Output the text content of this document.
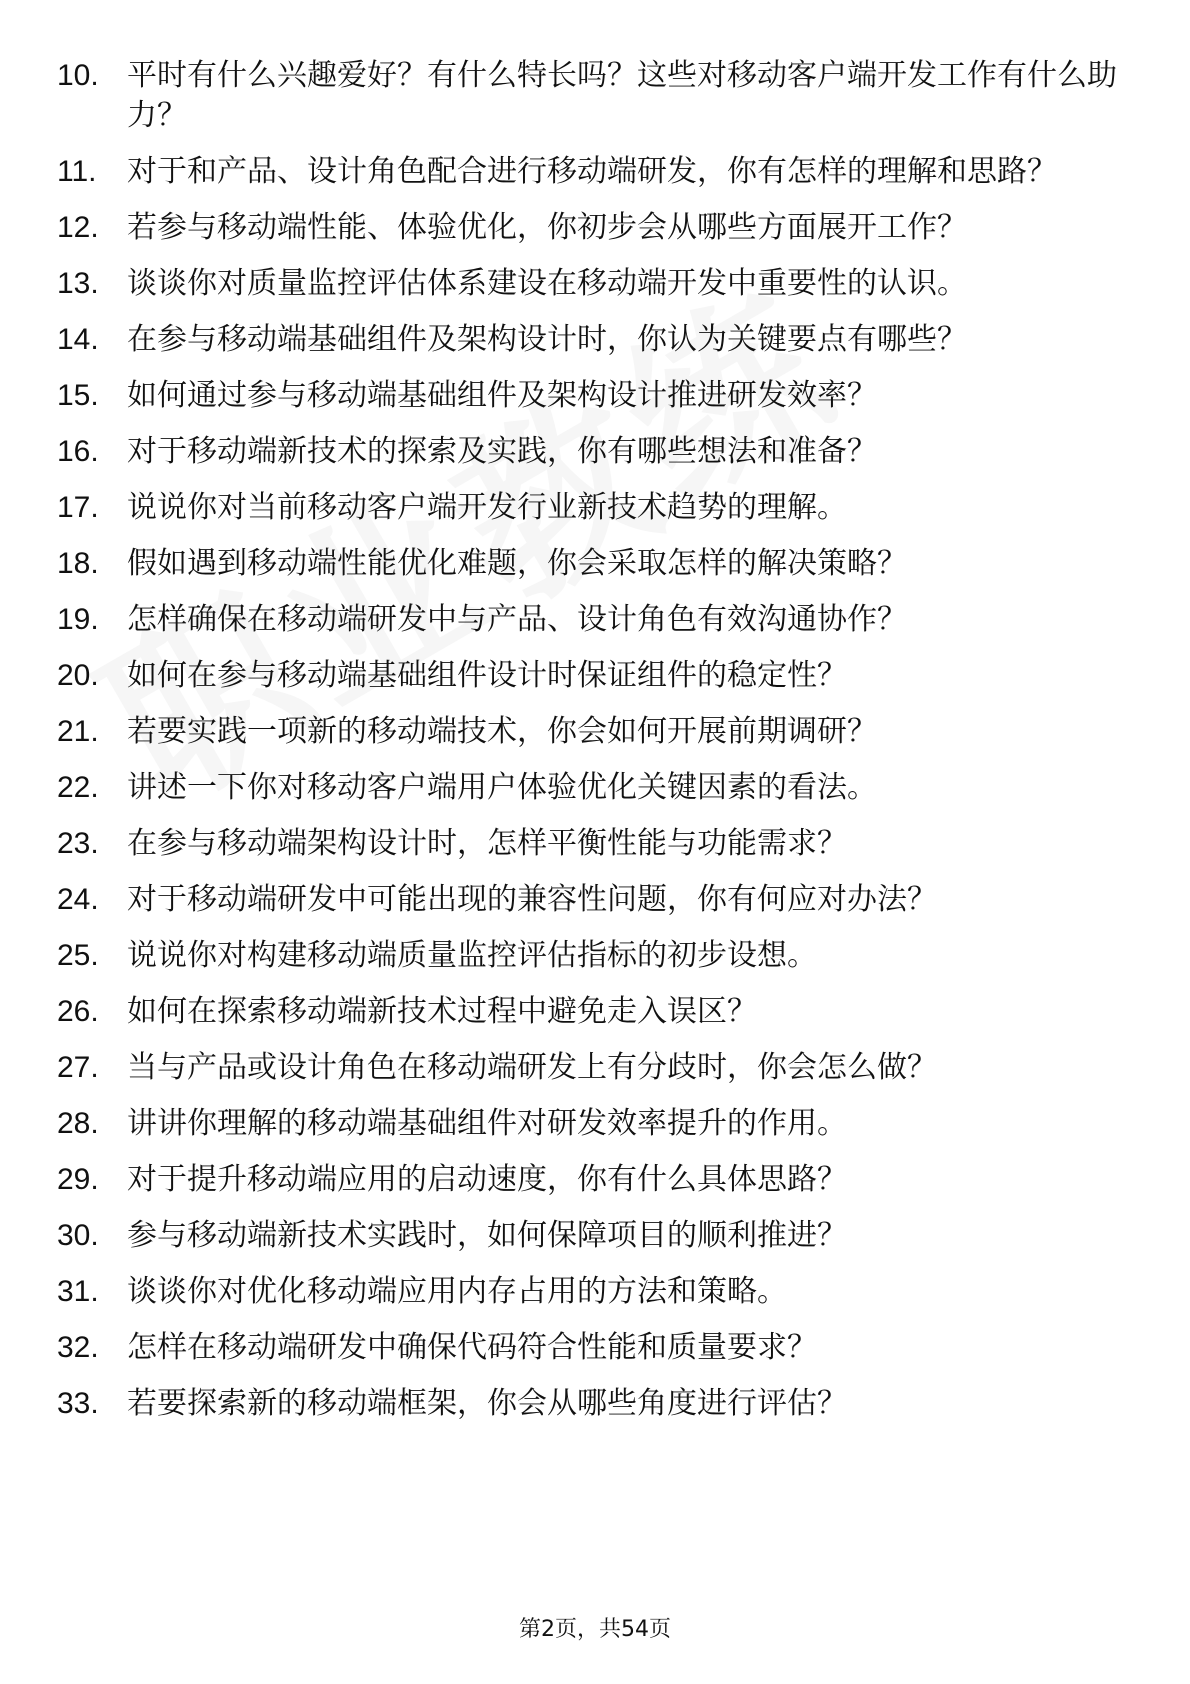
10. 平时有什么兴趣爱好？有什么特长吗？这些对移动客户端开发工作有什么助力？
11.	对于和产品、设计角色配合进行移动端研发，你有怎样的理解和思路？
12. 若参与移动端性能、体验优化，你初步会从哪些方面展开工作？
13. 谈谈你对质量监控评估体系建设在移动端开发中重要性的认识。
14. 在参与移动端基础组件及架构设计时，你认为关键要点有哪些？
15. 如何通过参与移动端基础组件及架构设计推进研发效率？
16. 对于移动端新技术的探索及实践，你有哪些想法和准备？
17. 说说你对当前移动客户端开发行业新技术趋势的理解。
18. 假如遇到移动端性能优化难题，你会采取怎样的解决策略？
19. 怎样确保在移动端研发中与产品、设计角色有效沟通协作？
20. 如何在参与移动端基础组件设计时保证组件的稳定性？
21. 若要实践一项新的移动端技术，你会如何开展前期调研？
22. 讲述一下你对移动客户端用户体验优化关键因素的看法。
23. 在参与移动端架构设计时，怎样平衡性能与功能需求？
24. 对于移动端研发中可能出现的兼容性问题，你有何应对办法？
25. 说说你对构建移动端质量监控评估指标的初步设想。
26. 如何在探索移动端新技术过程中避免走入误区？
27. 当与产品或设计角色在移动端研发上有分歧时，你会怎么做？
28. 讲讲你理解的移动端基础组件对研发效率提升的作用。
29. 对于提升移动端应用的启动速度，你有什么具体思路？
30. 参与移动端新技术实践时，如何保障项目的顺利推进？
31. 谈谈你对优化移动端应用内存占用的方法和策略。
32. 怎样在移动端研发中确保代码符合性能和质量要求？
33. 若要探索新的移动端框架，你会从哪些角度进行评估？
第2页，共54页
